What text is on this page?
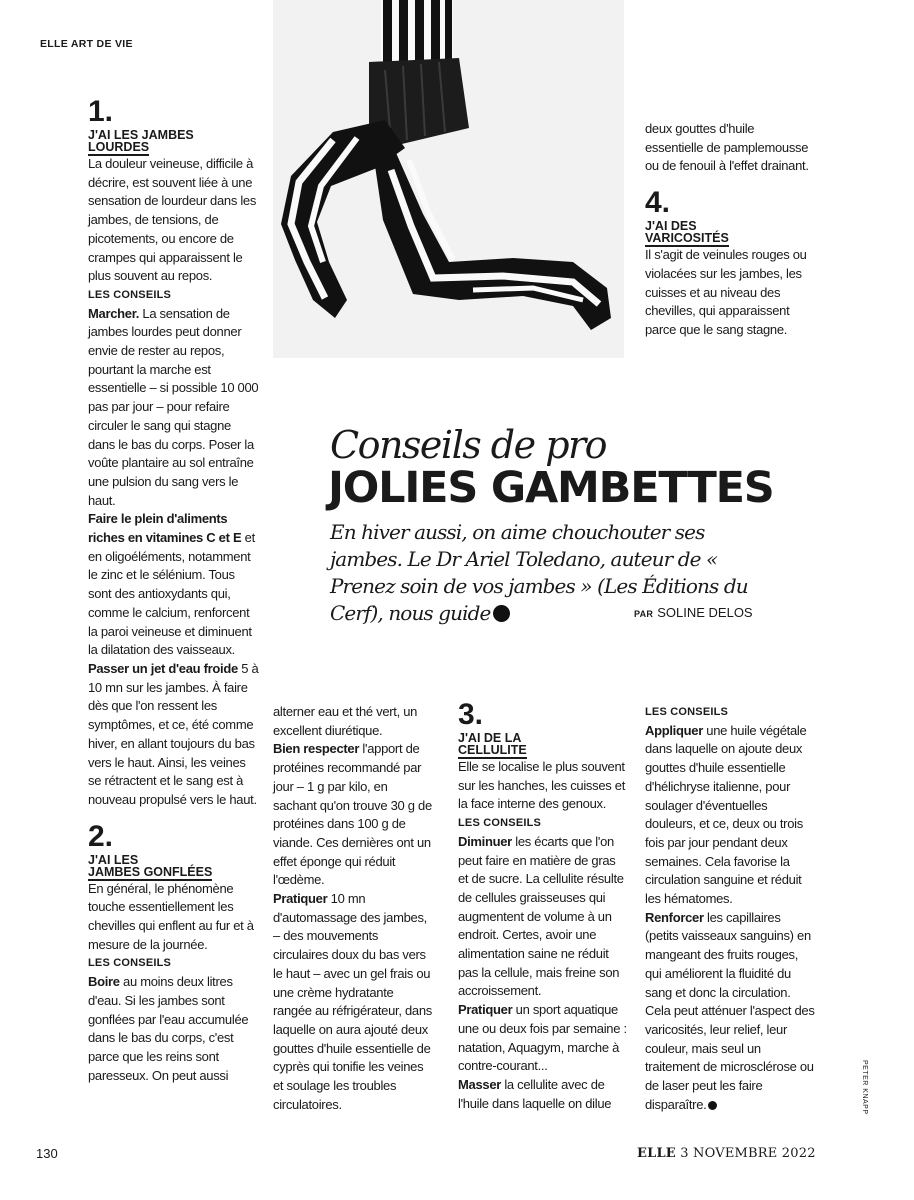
ELLE ART DE VIE
1.
J'AI LES JAMBES
LOURDES

La douleur veineuse, difficile à décrire, est souvent liée à une sensation de lourdeur dans les jambes, de tensions, de picotements, ou encore de crampes qui apparaissent le plus souvent au repos.

LES CONSEILS

Marcher. La sensation de jambes lourdes peut donner envie de rester au repos, pourtant la marche est essentielle – si possible 10 000 pas par jour – pour refaire circuler le sang qui stagne dans le bas du corps. Poser la voûte plantaire au sol entraîne une pulsion du sang vers le haut.

Faire le plein d'aliments riches en vitamines C et E et en oligoéléments, notamment le zinc et le sélénium. Tous sont des antioxydants qui, comme le calcium, renforcent la paroi veineuse et diminuent la dilatation des vaisseaux.

Passer un jet d'eau froide 5 à 10 mn sur les jambes. À faire dès que l'on ressent les symptômes, et ce, été comme hiver, en allant toujours du bas vers le haut. Ainsi, les veines se rétractent et le sang est à nouveau propulsé vers le haut.

2.
J'AI LES
JAMBES GONFLÉES

En général, le phénomène touche essentiellement les chevilles qui enflent au fur et à mesure de la journée.

LES CONSEILS

Boire au moins deux litres d'eau. Si les jambes sont gonflées par l'eau accumulée dans le bas du corps, c'est parce que les reins sont paresseux. On peut aussi

Conseils de pro
JOLIES GAMBETTES
En hiver aussi, on aime chouchouter ses jambes. Le Dr Ariel Toledano, auteur de « Prenez soin de vos jambes » (Les Éditions du Cerf), nous guide	PAR SOLINE DELOS

alterner eau et thé vert, un excellent diurétique.

Bien respecter l'apport de protéines recommandé par jour – 1 g par kilo, en sachant qu'on trouve 30 g de protéines dans 100 g de viande. Ces dernières ont un effet éponge qui réduit l'œdème.

Pratiquer 10 mn d'automassage des jambes, – des mouvements circulaires doux du bas vers le haut – avec un gel frais ou une crème hydratante rangée au réfrigérateur, dans laquelle on aura ajouté deux gouttes d'huile essentielle de cyprès qui tonifie les veines et soulage les troubles circulatoires.

3.
J'AI DE LA
CELLULITE

Elle se localise le plus souvent sur les hanches, les cuisses et la face interne des genoux.

LES CONSEILS

Diminuer les écarts que l'on peut faire en matière de gras et de sucre. La cellulite résulte de cellules graisseuses qui augmentent de volume à un endroit. Certes, avoir une alimentation saine ne réduit pas la cellule, mais freine son accroissement.

Pratiquer un sport aquatique une ou deux fois par semaine : natation, Aquagym, marche à contre-courant...

Masser la cellulite avec de l'huile dans laquelle on dilue

deux gouttes d'huile essentielle de pamplemousse ou de fenouil à l'effet drainant.

4.
J'AI DES
VARICOSITÉS

Il s'agit de veinules rouges ou violacées sur les jambes, les cuisses et au niveau des chevilles, qui apparaissent parce que le sang stagne.

LES CONSEILS

Appliquer une huile végétale dans laquelle on ajoute deux gouttes d'huile essentielle d'hélichryse italienne, pour soulager d'éventuelles douleurs, et ce, deux ou trois fois par jour pendant deux semaines. Cela favorise la circulation sanguine et réduit les hématomes.

Renforcer les capillaires (petits vaisseaux sanguins) en mangeant des fruits rouges, qui améliorent la fluidité du sang et donc la circulation. Cela peut atténuer l'aspect des varicosités, leur relief, leur couleur, mais seul un traitement de microsclérose ou de laser peut les faire disparaître.	PETER KNAPP
130	ELLE 3 NOVEMBRE 2022
